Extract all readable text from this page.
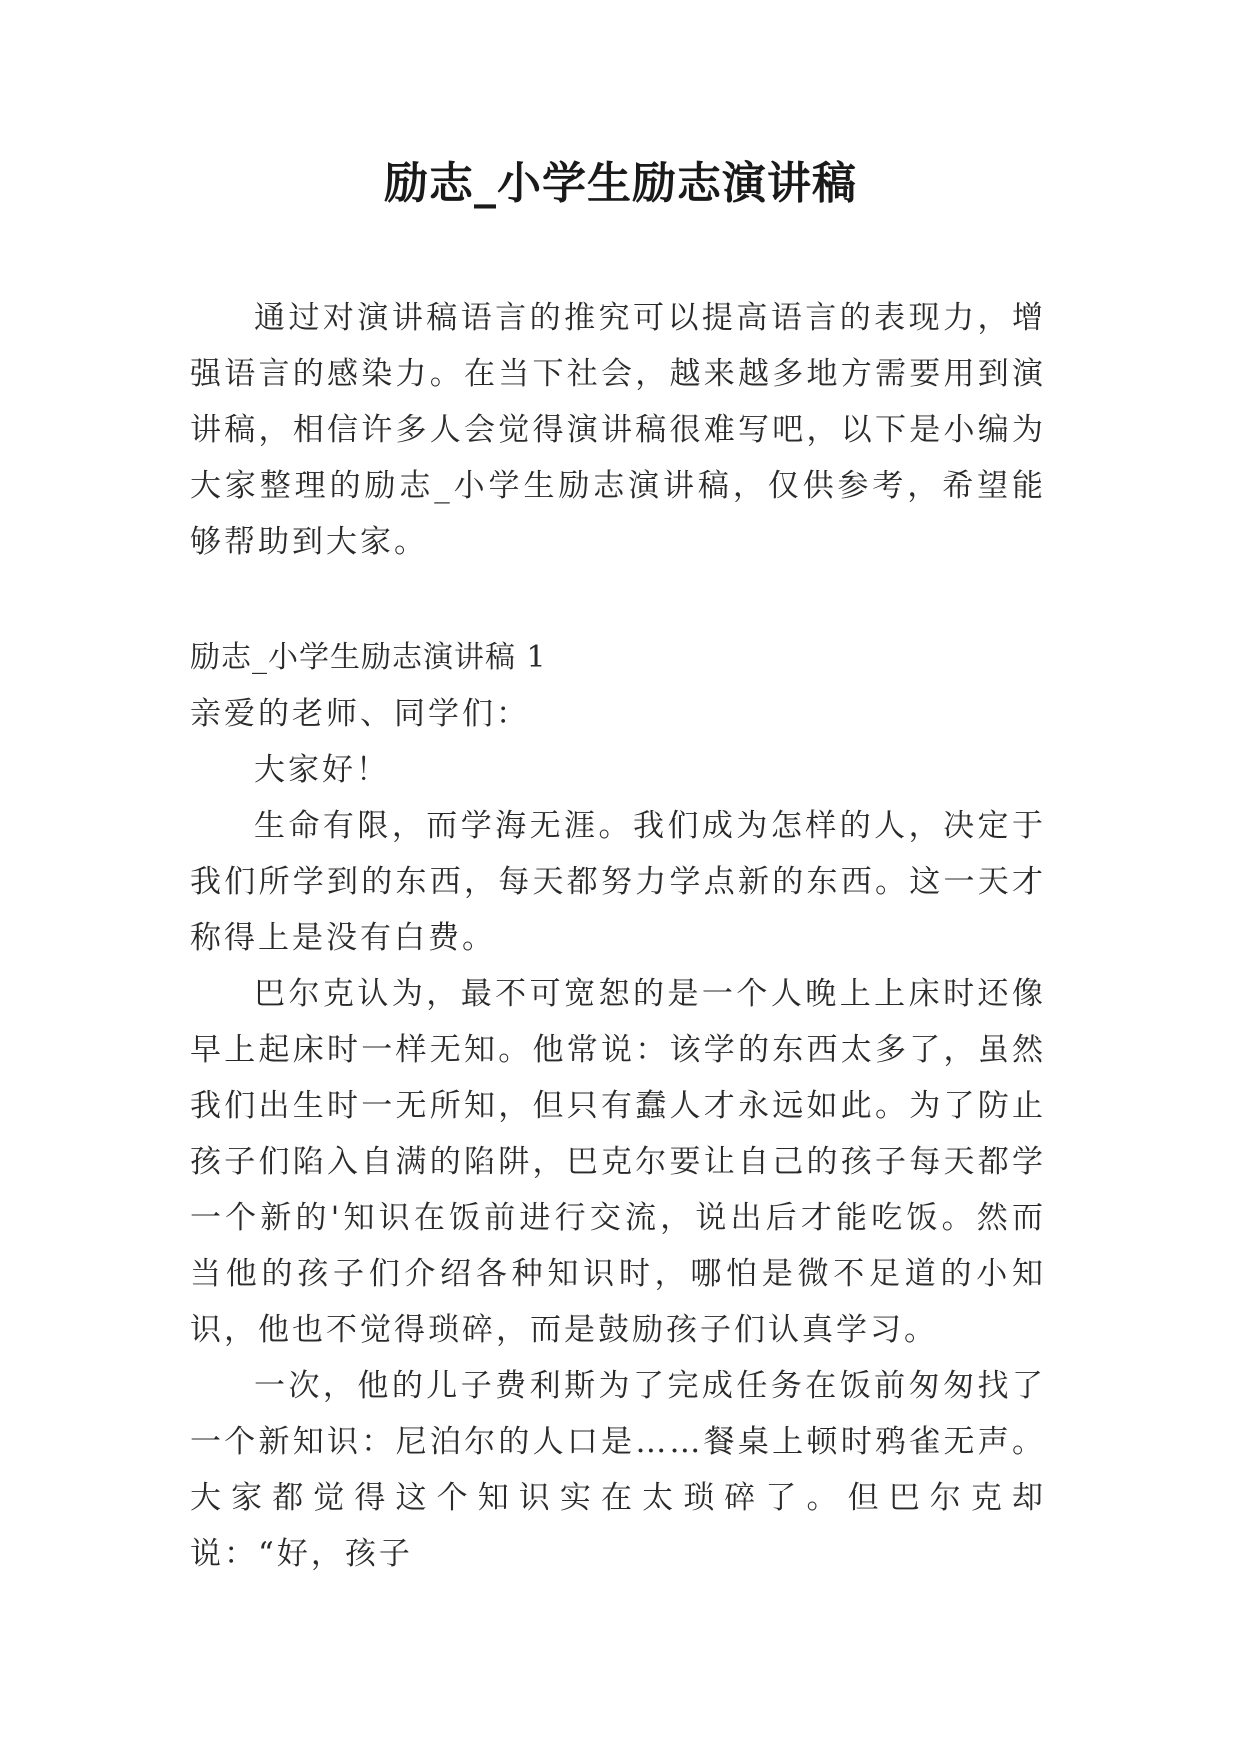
励志_小学生励志演讲稿

通过对演讲稿语言的推究可以提高语言的表现力，增强语言的感染力。在当下社会，越来越多地方需要用到演讲稿，相信许多人会觉得演讲稿很难写吧，以下是小编为大家整理的励志_小学生励志演讲稿，仅供参考，希望能够帮助到大家。

励志_小学生励志演讲稿 1

亲爱的老师、同学们：

大家好！

生命有限，而学海无涯。我们成为怎样的人，决定于我们所学到的东西，每天都努力学点新的东西。这一天才称得上是没有白费。

巴尔克认为，最不可宽恕的是一个人晚上上床时还像早上起床时一样无知。他常说：该学的东西太多了，虽然我们出生时一无所知，但只有蠢人才永远如此。为了防止孩子们陷入自满的陷阱，巴克尔要让自己的孩子每天都学一个新的'知识在饭前进行交流，说出后才能吃饭。然而当他的孩子们介绍各种知识时，哪怕是微不足道的小知识，他也不觉得琐碎，而是鼓励孩子们认真学习。

一次，他的儿子费利斯为了完成任务在饭前匆匆找了一个新知识：尼泊尔的人口是……餐桌上顿时鸦雀无声。大家都觉得这个知识实在太琐碎了。但巴尔克却说：“好，孩子
